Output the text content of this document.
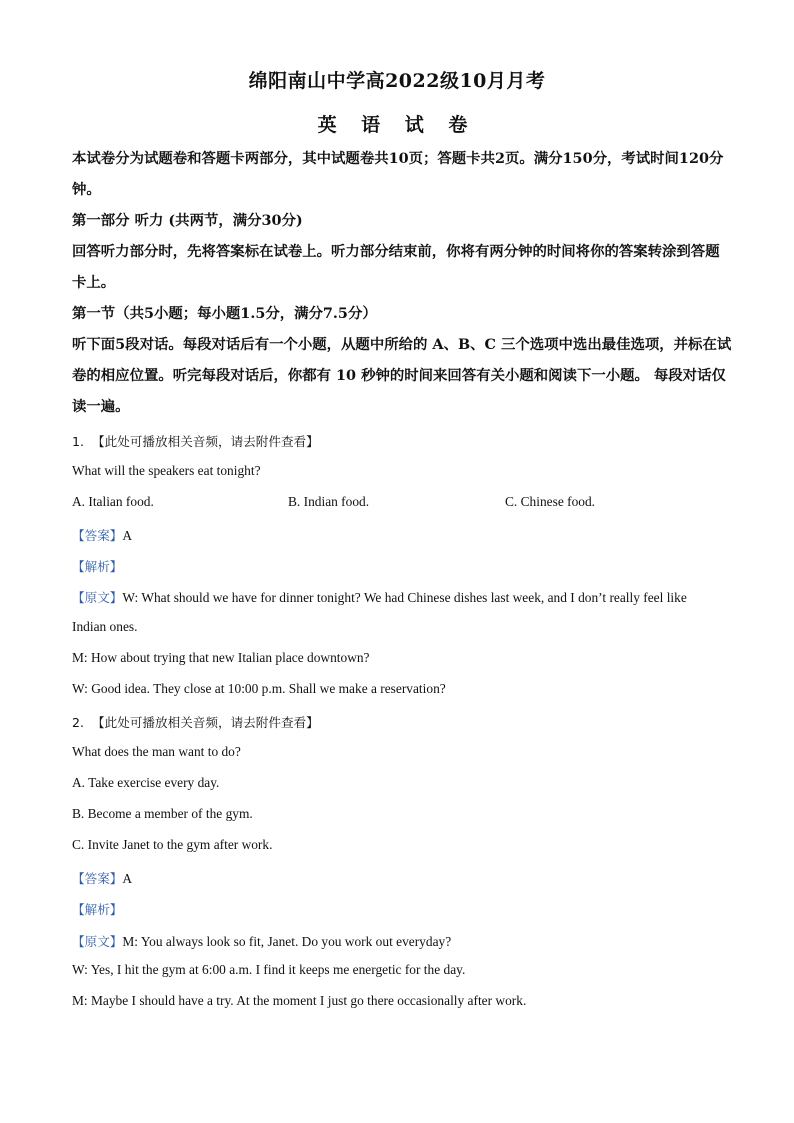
绵阳南山中学高2022级10月月考
英 语 试 卷
本试卷分为试题卷和答题卡两部分，其中试题卷共10页；答题卡共2页。满分150分，考试时间120分钟。
第一部分 听力 (共两节，满分30分)
回答听力部分时，先将答案标在试卷上。听力部分结束前，你将有两分钟的时间将你的答案转涂到答题卡上。
第一节（共5小题；每小题1.5分，满分7.5分）
听下面5段对话。每段对话后有一个小题，从题中所给的 A、B、C 三个选项中选出最佳选项，并标在试卷的相应位置。听完每段对话后，你都有 10 秒钟的时间来回答有关小题和阅读下一小题。 每段对话仅读一遍。
1. 【此处可播放相关音频，请去附件查看】
What will the speakers eat tonight?
A. Italian food.	B. Indian food.	C. Chinese food.
【答案】A
【解析】
【原文】W: What should we have for dinner tonight? We had Chinese dishes last week, and I don’t really feel like
Indian ones.
M: How about trying that new Italian place downtown?
W: Good idea. They close at 10:00 p.m. Shall we make a reservation?
2. 【此处可播放相关音频，请去附件查看】
What does the man want to do?
A. Take exercise every day.
B. Become a member of the gym.
C. Invite Janet to the gym after work.
【答案】A
【解析】
【原文】M: You always look so fit, Janet. Do you work out everyday?
W: Yes, I hit the gym at 6:00 a.m. I find it keeps me energetic for the day.
M: Maybe I should have a try. At the moment I just go there occasionally after work.
